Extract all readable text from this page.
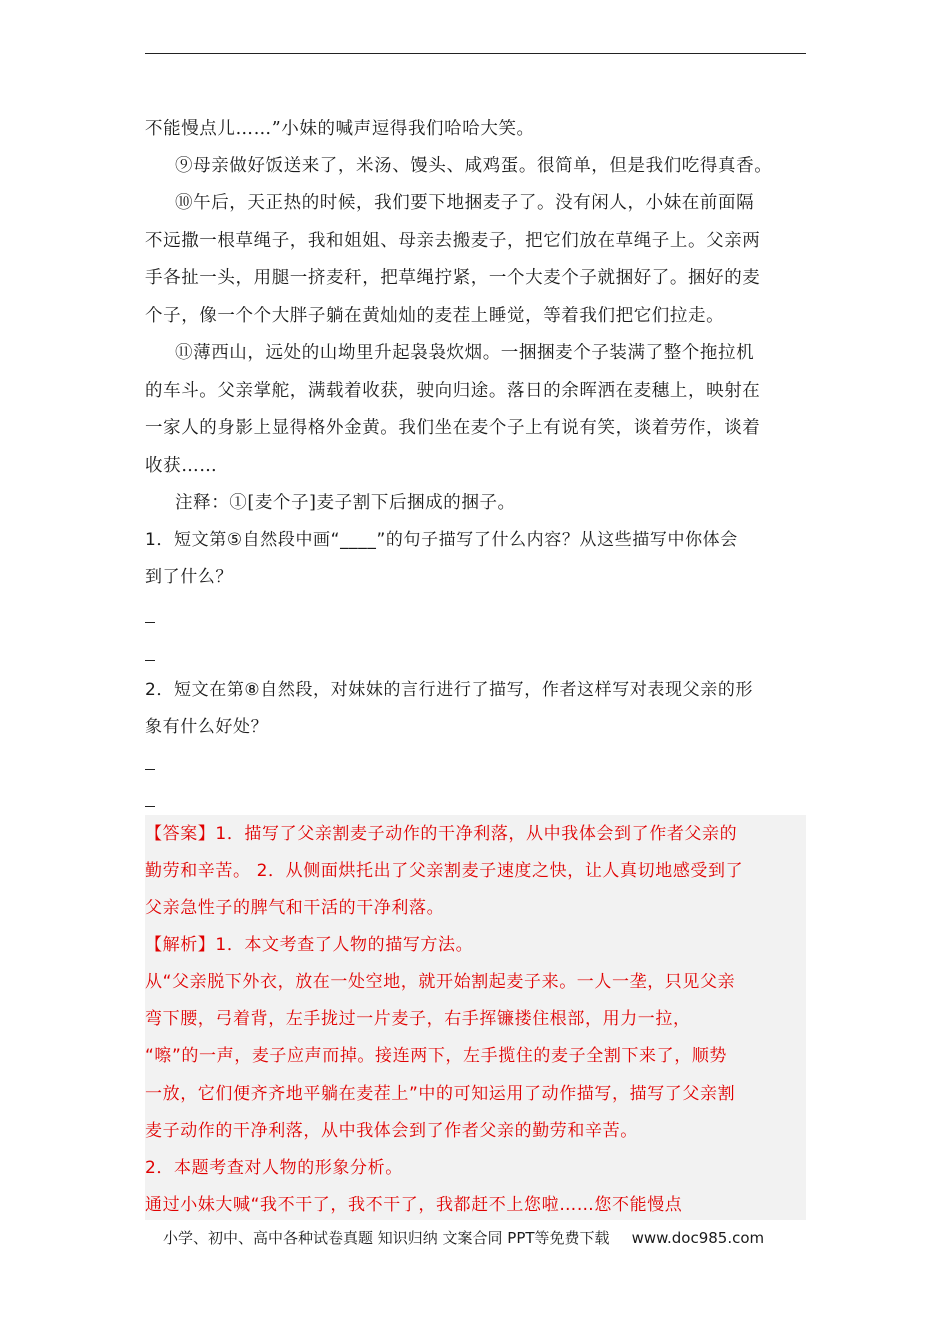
不能慢点儿……”小妹的喊声逗得我们哈哈大笑。
⑨母亲做好饭送来了，米汤、馒头、咸鸡蛋。很简单，但是我们吃得真香。
⑩午后，天正热的时候，我们要下地捆麦子了。没有闲人，小妹在前面隔
不远撒一根草绳子，我和姐姐、母亲去搬麦子，把它们放在草绳子上。父亲两
手各扯一头，用腿一挤麦秆，把草绳拧紧，一个大麦个子就捆好了。捆好的麦
个子，像一个个大胖子躺在黄灿灿的麦茬上睡觉，等着我们把它们拉走。
⑪薄西山，远处的山坳里升起袅袅炊烟。一捆捆麦个子装满了整个拖拉机
的车斗。父亲掌舵，满载着收获，驶向归途。落日的余晖洒在麦穗上，映射在
一家人的身影上显得格外金黄。我们坐在麦个子上有说有笑，谈着劳作，谈着
收获……
注释：①[麦个子]麦子割下后捆成的捆子。
1．短文第⑤自然段中画“____”的句子描写了什么内容？从这些描写中你体会
到了什么？
2．短文在第⑧自然段，对妹妹的言行进行了描写，作者这样写对表现父亲的形
象有什么好处？
【答案】1．描写了父亲割麦子动作的干净利落，从中我体会到了作者父亲的
勤劳和辛苦。 2．从侧面烘托出了父亲割麦子速度之快，让人真切地感受到了
父亲急性子的脾气和干活的干净利落。
【解析】1．本文考查了人物的描写方法。
从“父亲脱下外衣，放在一处空地，就开始割起麦子来。一人一垄，只见父亲
弯下腰，弓着背，左手拢过一片麦子，右手挥镰搂住根部，用力一拉，
“嚓”的一声，麦子应声而掉。接连两下，左手揽住的麦子全割下来了，顺势
一放，它们便齐齐地平躺在麦茬上”中的可知运用了动作描写，描写了父亲割
麦子动作的干净利落，从中我体会到了作者父亲的勤劳和辛苦。
2．本题考查对人物的形象分析。
通过小妹大喊“我不干了，我不干了，我都赶不上您啦……您不能慢点
小学、初中、高中各种试卷真题 知识归纳 文案合同 PPT等免费下载 www.doc985.com
